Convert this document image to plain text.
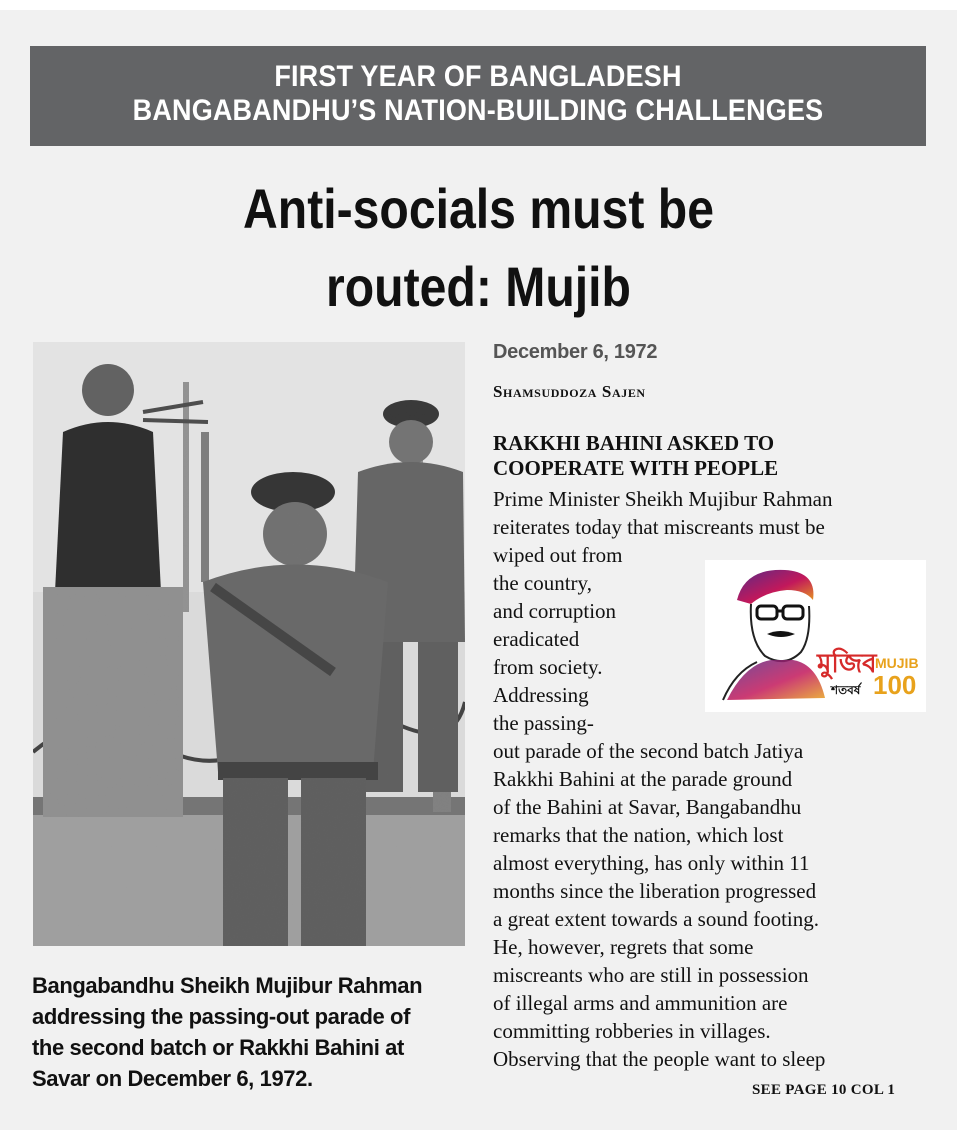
FIRST YEAR OF BANGLADESH
BANGABANDHU’S NATION-BUILDING CHALLENGES
Anti-socials must be
routed: Mujib
Bangabandhu Sheikh Mujibur Rahman
addressing the passing-out parade of
the second batch or Rakkhi Bahini at
Savar on December 6, 1972.
December 6, 1972
Shamsuddoza Sajen
RAKKHI BAHINI ASKED TO
COOPERATE WITH PEOPLE
Prime Minister Sheikh Mujibur Rahman
reiterates today that miscreants must be
wiped out from
the country,
and corruption
eradicated
from society.
Addressing
the passing-
out parade of the second batch Jatiya
Rakkhi Bahini at the parade ground
of the Bahini at Savar, Bangabandhu
remarks that the nation, which lost
almost everything, has only within 11
months since the liberation progressed
a great extent towards a sound footing.
He, however, regrets that some
miscreants who are still in possession
of illegal arms and ammunition are
committing robberies in villages.
Observing that the people want to sleep
মুজিব
শতবর্ষ
MUJIB
100
SEE PAGE 10 COL 1
